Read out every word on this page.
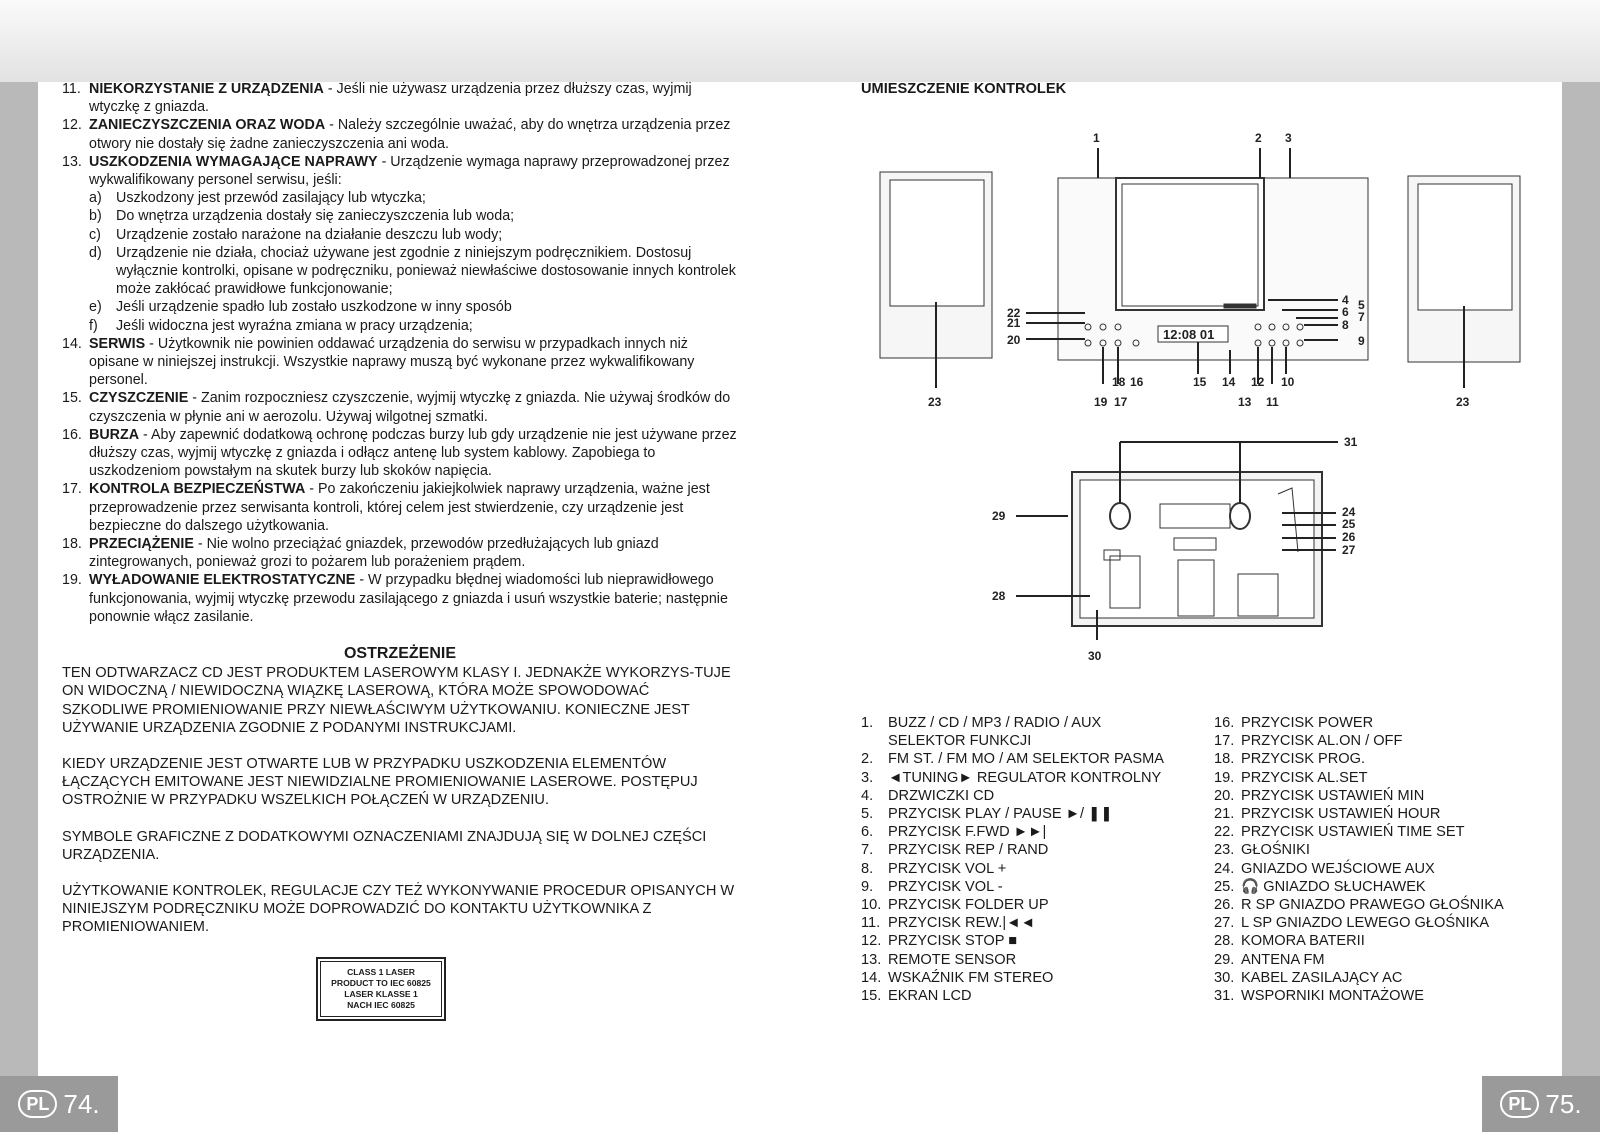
11. NIEKORZYSTANIE Z URZĄDZENIA - Jeśli nie używasz urządzenia przez dłuższy czas, wyjmij wtyczkę z gniazda.
12. ZANIECZYSZCZENIA ORAZ WODA - Należy szczególnie uważać, aby do wnętrza urządzenia przez otwory nie dostały się żadne zanieczyszczenia ani woda.
13. USZKODZENIA WYMAGAJĄCE NAPRAWY - Urządzenie wymaga naprawy przeprowadzonej przez wykwalifikowany personel serwisu, jeśli:
a) Uszkodzony jest przewód zasilający lub wtyczka;
b) Do wnętrza urządzenia dostały się zanieczyszczenia lub woda;
c) Urządzenie zostało narażone na działanie deszczu lub wody;
d) Urządzenie nie działa, chociaż używane jest zgodnie z niniejszym podręcznikiem. Dostosuj wyłącznie kontrolki, opisane w podręczniku, ponieważ niewłaściwe dostosowanie innych kontrolek może zakłócać prawidłowe funkcjonowanie;
e) Jeśli urządzenie spadło lub zostało uszkodzone w inny sposób
f) Jeśli widoczna jest wyraźna zmiana w pracy urządzenia;
14. SERWIS - Użytkownik nie powinien oddawać urządzenia do serwisu w przypadkach innych niż opisane w niniejszej instrukcji. Wszystkie naprawy muszą być wykonane przez wykwalifikowany personel.
15. CZYSZCZENIE - Zanim rozpoczniesz czyszczenie, wyjmij wtyczkę z gniazda. Nie używaj środków do czyszczenia w płynie ani w aerozolu. Używaj wilgotnej szmatki.
16. BURZA - Aby zapewnić dodatkową ochronę podczas burzy lub gdy urządzenie nie jest używane przez dłuższy czas, wyjmij wtyczkę z gniazda i odłącz antenę lub system kablowy. Zapobiega to uszkodzeniom powstałym na skutek burzy lub skoków napięcia.
17. KONTROLA BEZPIECZEŃSTWA - Po zakończeniu jakiejkolwiek naprawy urządzenia, ważne jest przeprowadzenie przez serwisanta kontroli, której celem jest stwierdzenie, czy urządzenie jest bezpieczne do dalszego użytkowania.
18. PRZECIĄŻENIE - Nie wolno przeciążać gniazdek, przewodów przedłużających lub gniazd zintegrowanych, ponieważ grozi to pożarem lub porażeniem prądem.
19. WYŁADOWANIE ELEKTROSTATYCZNE - W przypadku błędnej wiadomości lub nieprawidłowego funkcjonowania, wyjmij wtyczkę przewodu zasilającego z gniazda i usuń wszystkie baterie; następnie ponownie włącz zasilanie.
OSTRZEŻENIE

TEN ODTWARZACZ CD JEST PRODUKTEM LASEROWYM KLASY I. JEDNAKŻE WYKORZYS-TUJE ON WIDOCZNĄ / NIEWIDOCZNĄ WIĄZKĘ LASEROWĄ, KTÓRA MOŻE SPOWODOWAĆ SZKODLIWE PROMIENIOWANIE PRZY NIEWŁAŚCIWYM UŻYTKOWANIU. KONIECZNE JEST UŻYWANIE URZĄDZENIA ZGODNIE Z PODANYMI INSTRUKCJAMI.

KIEDY URZĄDZENIE JEST OTWARTE LUB W PRZYPADKU USZKODZENIA ELEMENTÓW ŁĄCZĄCYCH EMITOWANE JEST NIEWIDZIALNE PROMIENIOWANIE LASEROWE. POSTĘPUJ OSTROŻNIE W PRZYPADKU WSZELKICH POŁĄCZEŃ W URZĄDZENIU.

SYMBOLE GRAFICZNE Z DODATKOWYMI OZNACZENIAMI ZNAJDUJĄ SIĘ W DOLNEJ CZĘŚCI URZĄDZENIA.

UŻYTKOWANIE KONTROLEK, REGULACJE CZY TEŻ WYKONYWANIE PROCEDUR OPISANYCH W NINIEJSZYM PODRĘCZNIKU MOŻE DOPROWADZIĆ DO KONTAKTU UŻYTKOWNIKA Z PROMIENIOWANIEM.

CLASS 1 LASER
PRODUCT TO IEC 60825
LASER KLASSE 1
NACH IEC 60825
UMIESZCZENIE KONTROLEK
1	2 3
4 5
6 7
8
9
10
11
12
13
14
15
16
17
18
19
20
21
22
23	23
12:08 01
24
25
26
27
28
29
30
31
1. BUZZ / CD / MP3 / RADIO / AUX
SELEKTOR FUNKCJI
2. FM ST. / FM MO / AM SELEKTOR PASMA
3. ◄TUNING► REGULATOR KONTROLNY
4. DRZWICZKI CD
5. PRZYCISK PLAY / PAUSE ►/ ❚❚
6. PRZYCISK F.FWD ►►|
7. PRZYCISK REP / RAND
8. PRZYCISK VOL +
9. PRZYCISK VOL -
10. PRZYCISK FOLDER UP
11. PRZYCISK REW.|◄◄
12. PRZYCISK STOP ■
13. REMOTE SENSOR
14. WSKAŹNIK FM STEREO
15. EKRAN LCD
16. PRZYCISK POWER
17. PRZYCISK AL.ON / OFF
18. PRZYCISK PROG.
19. PRZYCISK AL.SET
20. PRZYCISK USTAWIEŃ MIN
21. PRZYCISK USTAWIEŃ HOUR
22. PRZYCISK USTAWIEŃ TIME SET
23. GŁOŚNIKI
24. GNIAZDO WEJŚCIOWE AUX
25. 🎧 GNIAZDO SŁUCHAWEK
26. R SP GNIAZDO PRAWEGO GŁOŚNIKA
27. L SP GNIAZDO LEWEGO GŁOŚNIKA
28. KOMORA BATERII
29. ANTENA FM
30. KABEL ZASILAJĄCY AC
31. WSPORNIKI MONTAŻOWE
PL 74.	PL 75.
